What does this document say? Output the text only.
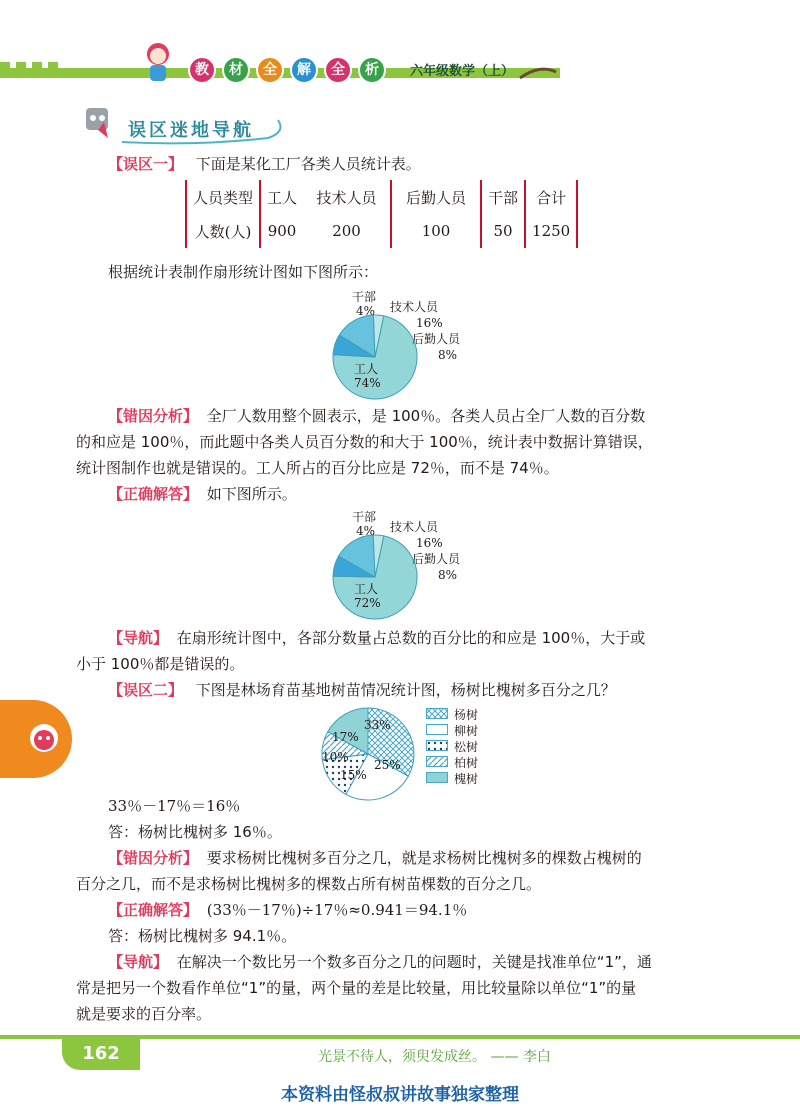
教	材	全	解	全	析	六年级数学（上）
误区迷地导航
【误区一】 下面是某化工厂各类人员统计表。
人员类型	工人	技术人员	后勤人员	干部	合计
人数(人)	900	200	100	50	1250
根据统计表制作扇形统计图如下图所示：
干部
4% 技术人员
16%
后勤人员
8%
工人
74%
【错因分析】 全厂人数用整个圆表示，是 100％。各类人员占全厂人数的百分数
的和应是 100％，而此题中各类人员百分数的和大于 100％，统计表中数据计算错误，
统计图制作也就是错误的。工人所占的百分比应是 72％，而不是 74％。
【正确解答】 如下图所示。
干部
4% 技术人员
16%
后勤人员
8%
工人
72%
【导航】 在扇形统计图中，各部分数量占总数的百分比的和应是 100％，大于或
小于 100％都是错误的。
【误区二】 下图是林场育苗基地树苗情况统计图，杨树比槐树多百分之几？
33%
25%
15%
10%
17%
杨树
柳树
松树
柏树
槐树
33％－17％＝16％
答：杨树比槐树多 16％。
【错因分析】 要求杨树比槐树多百分之几，就是求杨树比槐树多的棵数占槐树的
百分之几，而不是求杨树比槐树多的棵数占所有树苗棵数的百分之几。
【正确解答】 (33％－17％)÷17％≈0.941＝94.1％
答：杨树比槐树多 94.1％。
【导航】 在解决一个数比另一个数多百分之几的问题时，关键是找准单位“1”，通
常是把另一个数看作单位“1”的量，两个量的差是比较量，用比较量除以单位“1”的量
就是要求的百分率。
162	光景不待人，须臾发成丝。 —— 李白
本资料由怪叔叔讲故事独家整理
